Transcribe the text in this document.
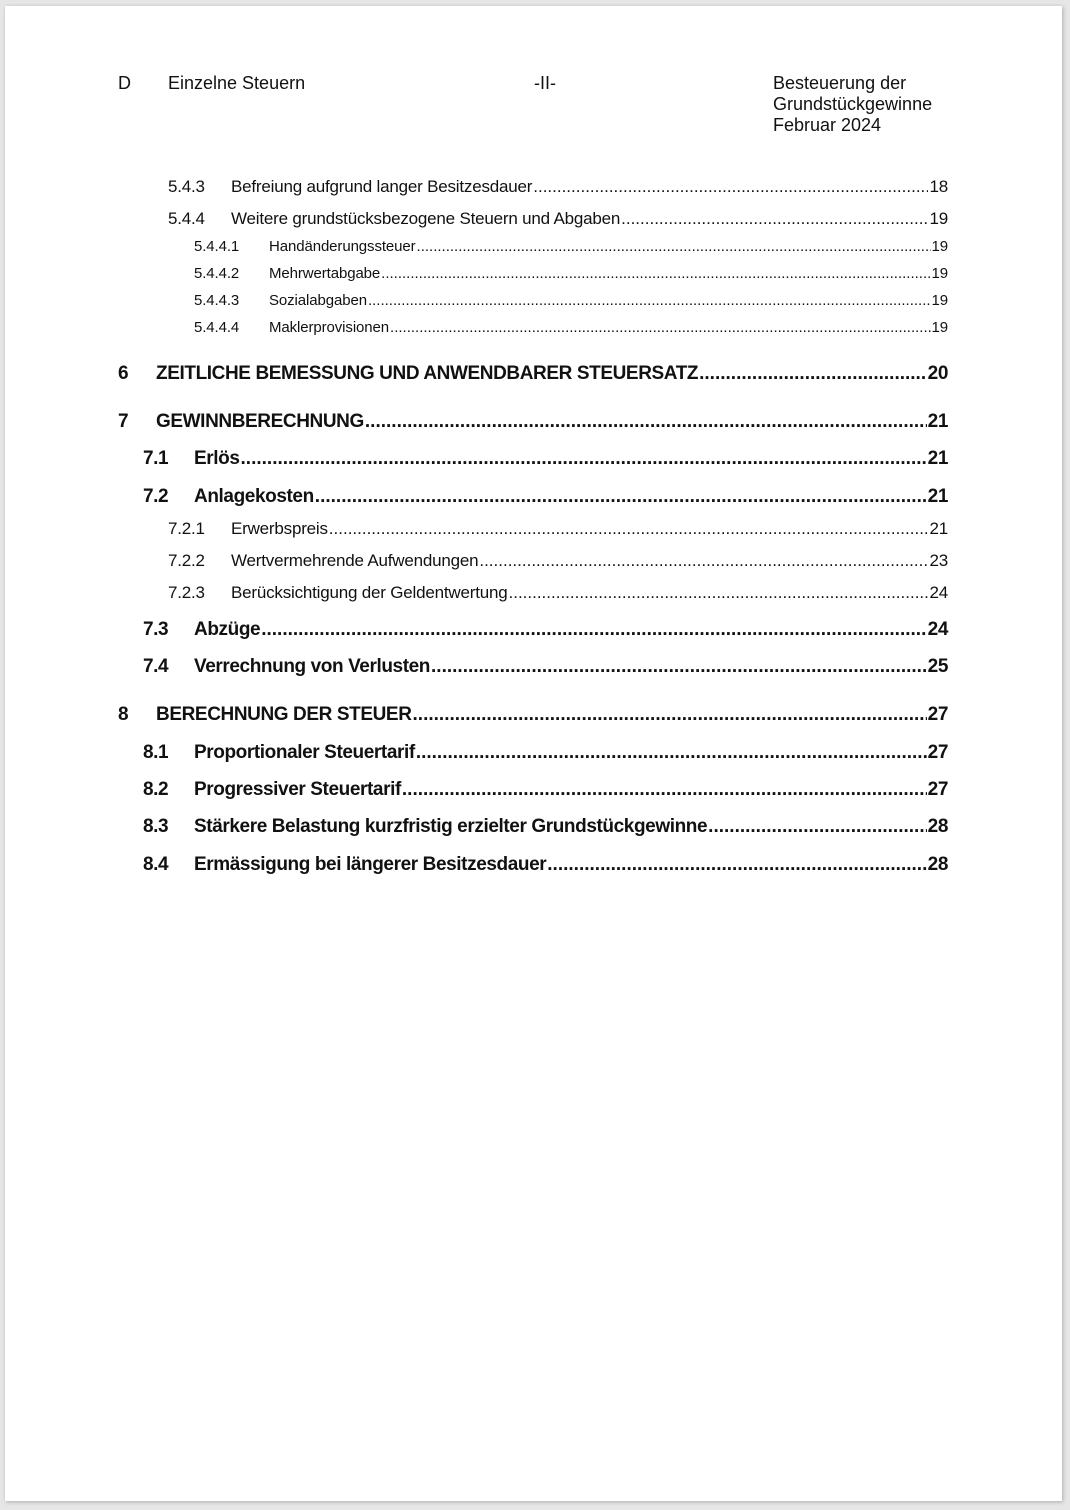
D Einzelne Steuern	-II-	Besteuerung der
Grundstückgewinne
Februar 2024
5.4.3	Befreiung aufgrund langer Besitzesdauer .....	18
5.4.4	Weitere grundstücksbezogene Steuern und Abgaben .....	19
5.4.4.1	Handänderungssteuer .....	19
5.4.4.2	Mehrwertabgabe .....	19
5.4.4.3	Sozialabgaben .....	19
5.4.4.4	Maklerprovisionen .....	19
6	ZEITLICHE BEMESSUNG UND ANWENDBARER STEUERSATZ .....	20
7	GEWINNBERECHNUNG .....	21
7.1	Erlös .....	21
7.2	Anlagekosten .....	21
7.2.1	Erwerbspreis .....	21
7.2.2	Wertvermehrende Aufwendungen .....	23
7.2.3	Berücksichtigung der Geldentwertung .....	24
7.3	Abzüge .....	24
7.4	Verrechnung von Verlusten .....	25
8	BERECHNUNG DER STEUER .....	27
8.1	Proportionaler Steuertarif .....	27
8.2	Progressiver Steuertarif .....	27
8.3	Stärkere Belastung kurzfristig erzielter Grundstückgewinne .....	28
8.4	Ermässigung bei längerer Besitzesdauer .....	28
